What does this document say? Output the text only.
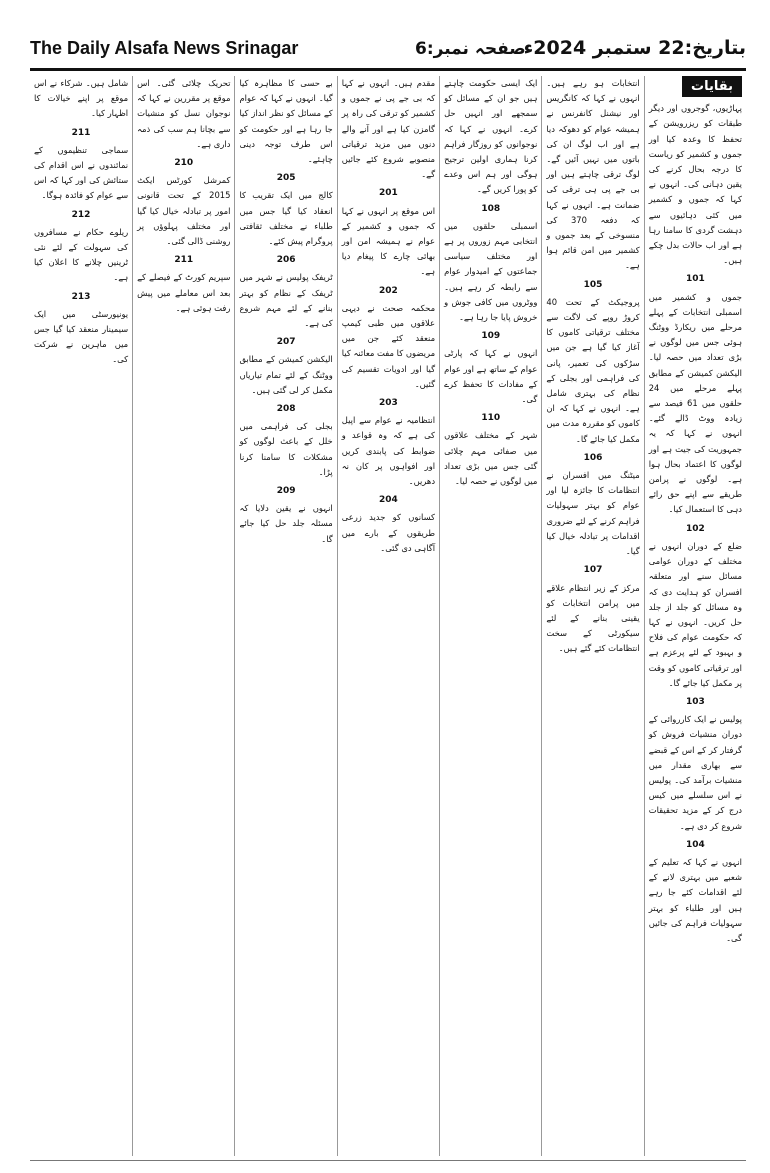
The Daily Alsafa News Srinagar	صفحہ نمبر:6
بتاریخ:22 ستمبر 2024ء
بقایات
پہاڑیوں، گوجروں اور دیگر طبقات کو ریزرویشن کے تحفظ کا وعدہ کیا اور جموں و کشمیر کو ریاست کا درجہ بحال کرنے کی یقین دہانی کی۔ انہوں نے کہا کہ جموں و کشمیر میں کئی دہائیوں سے دہشت گردی کا سامنا رہا ہے اور اب حالات بدل چکے ہیں۔
101
جموں و کشمیر میں اسمبلی انتخابات کے پہلے مرحلے میں ریکارڈ ووٹنگ ہوئی جس میں لوگوں نے بڑی تعداد میں حصہ لیا۔ الیکشن کمیشن کے مطابق پہلے مرحلے میں 24 حلقوں میں 61 فیصد سے زیادہ ووٹ ڈالے گئے۔ انہوں نے کہا کہ یہ جمہوریت کی جیت ہے اور لوگوں کا اعتماد بحال ہوا ہے۔ لوگوں نے پرامن طریقے سے اپنے حق رائے دہی کا استعمال کیا۔
102
ضلع کے دوران انہوں نے مختلف کے دوران عوامی مسائل سنے اور متعلقہ افسران کو ہدایت دی کہ وہ مسائل کو جلد از جلد حل کریں۔ انہوں نے کہا کہ حکومت عوام کی فلاح و بہبود کے لئے پرعزم ہے اور ترقیاتی کاموں کو وقت پر مکمل کیا جائے گا۔
103
پولیس نے ایک کارروائی کے دوران منشیات فروش کو گرفتار کر کے اس کے قبضے سے بھاری مقدار میں منشیات برآمد کی۔ پولیس نے اس سلسلے میں کیس درج کر کے مزید تحقیقات شروع کر دی ہے۔
104
انہوں نے کہا کہ تعلیم کے شعبے میں بہتری لانے کے لئے اقدامات کئے جا رہے ہیں اور طلباء کو بہتر سہولیات فراہم کی جائیں گی۔
انتخابات ہو رہے ہیں۔ انہوں نے کہا کہ کانگریس اور نیشنل کانفرنس نے ہمیشہ عوام کو دھوکہ دیا ہے اور اب لوگ ان کی باتوں میں نہیں آئیں گے۔ لوگ ترقی چاہتے ہیں اور بی جے پی ہی ترقی کی ضمانت ہے۔ انہوں نے کہا کہ دفعہ 370 کی منسوخی کے بعد جموں و کشمیر میں امن قائم ہوا ہے۔
105
پروجیکٹ کے تحت 40 کروڑ روپے کی لاگت سے مختلف ترقیاتی کاموں کا آغاز کیا گیا ہے جن میں سڑکوں کی تعمیر، پانی کی فراہمی اور بجلی کے نظام کی بہتری شامل ہے۔ انہوں نے کہا کہ ان کاموں کو مقررہ مدت میں مکمل کیا جائے گا۔
106
میٹنگ میں افسران نے انتظامات کا جائزہ لیا اور عوام کو بہتر سہولیات فراہم کرنے کے لئے ضروری اقدامات پر تبادلہ خیال کیا گیا۔
107
مرکز کے زیر انتظام علاقے میں پرامن انتخابات کو یقینی بنانے کے لئے سیکورٹی کے سخت انتظامات کئے گئے ہیں۔
ایک ایسی حکومت چاہتے ہیں جو ان کے مسائل کو سمجھے اور انہیں حل کرے۔ انہوں نے کہا کہ نوجوانوں کو روزگار فراہم کرنا ہماری اولین ترجیح ہوگی اور ہم اس وعدے کو پورا کریں گے۔
108
اسمبلی حلقوں میں انتخابی مہم زوروں پر ہے اور مختلف سیاسی جماعتوں کے امیدوار عوام سے رابطہ کر رہے ہیں۔ ووٹروں میں کافی جوش و خروش پایا جا رہا ہے۔
109
انہوں نے کہا کہ پارٹی عوام کے ساتھ ہے اور عوام کے مفادات کا تحفظ کرے گی۔
110
شہر کے مختلف علاقوں میں صفائی مہم چلائی گئی جس میں بڑی تعداد میں لوگوں نے حصہ لیا۔
مقدم ہیں۔ انہوں نے کہا کہ بی جے پی نے جموں و کشمیر کو ترقی کی راہ پر گامزن کیا ہے اور آنے والے دنوں میں مزید ترقیاتی منصوبے شروع کئے جائیں گے۔
201
اس موقع پر انہوں نے کہا کہ جموں و کشمیر کے عوام نے ہمیشہ امن اور بھائی چارے کا پیغام دیا ہے۔
202
محکمہ صحت نے دیہی علاقوں میں طبی کیمپ منعقد کئے جن میں مریضوں کا مفت معائنہ کیا گیا اور ادویات تقسیم کی گئیں۔
203
انتظامیہ نے عوام سے اپیل کی ہے کہ وہ قواعد و ضوابط کی پابندی کریں اور افواہوں پر کان نہ دھریں۔
204
کسانوں کو جدید زرعی طریقوں کے بارے میں آگاہی دی گئی۔
بے حسی کا مظاہرہ کیا گیا۔ انہوں نے کہا کہ عوام کے مسائل کو نظر انداز کیا جا رہا ہے اور حکومت کو اس طرف توجہ دینی چاہئے۔
205
کالج میں ایک تقریب کا انعقاد کیا گیا جس میں طلباء نے مختلف ثقافتی پروگرام پیش کئے۔
206
ٹریفک پولیس نے شہر میں ٹریفک کے نظام کو بہتر بنانے کے لئے مہم شروع کی ہے۔
207
الیکشن کمیشن کے مطابق ووٹنگ کے لئے تمام تیاریاں مکمل کر لی گئی ہیں۔
208
بجلی کی فراہمی میں خلل کے باعث لوگوں کو مشکلات کا سامنا کرنا پڑا۔
209
انہوں نے یقین دلایا کہ مسئلہ جلد حل کیا جائے گا۔
تحریک چلائی گئی۔ اس موقع پر مقررین نے کہا کہ نوجوان نسل کو منشیات سے بچانا ہم سب کی ذمہ داری ہے۔
210
کمرشل کورٹس ایکٹ 2015 کے تحت قانونی امور پر تبادلہ خیال کیا گیا اور مختلف پہلوؤں پر روشنی ڈالی گئی۔
211
سپریم کورٹ کے فیصلے کے بعد اس معاملے میں پیش رفت ہوئی ہے۔
شامل ہیں۔ شرکاء نے اس موقع پر اپنے خیالات کا اظہار کیا۔
211
سماجی تنظیموں کے نمائندوں نے اس اقدام کی ستائش کی اور کہا کہ اس سے عوام کو فائدہ ہوگا۔
212
ریلوے حکام نے مسافروں کی سہولت کے لئے نئی ٹرینیں چلانے کا اعلان کیا ہے۔
213
یونیورسٹی میں ایک سیمینار منعقد کیا گیا جس میں ماہرین نے شرکت کی۔
